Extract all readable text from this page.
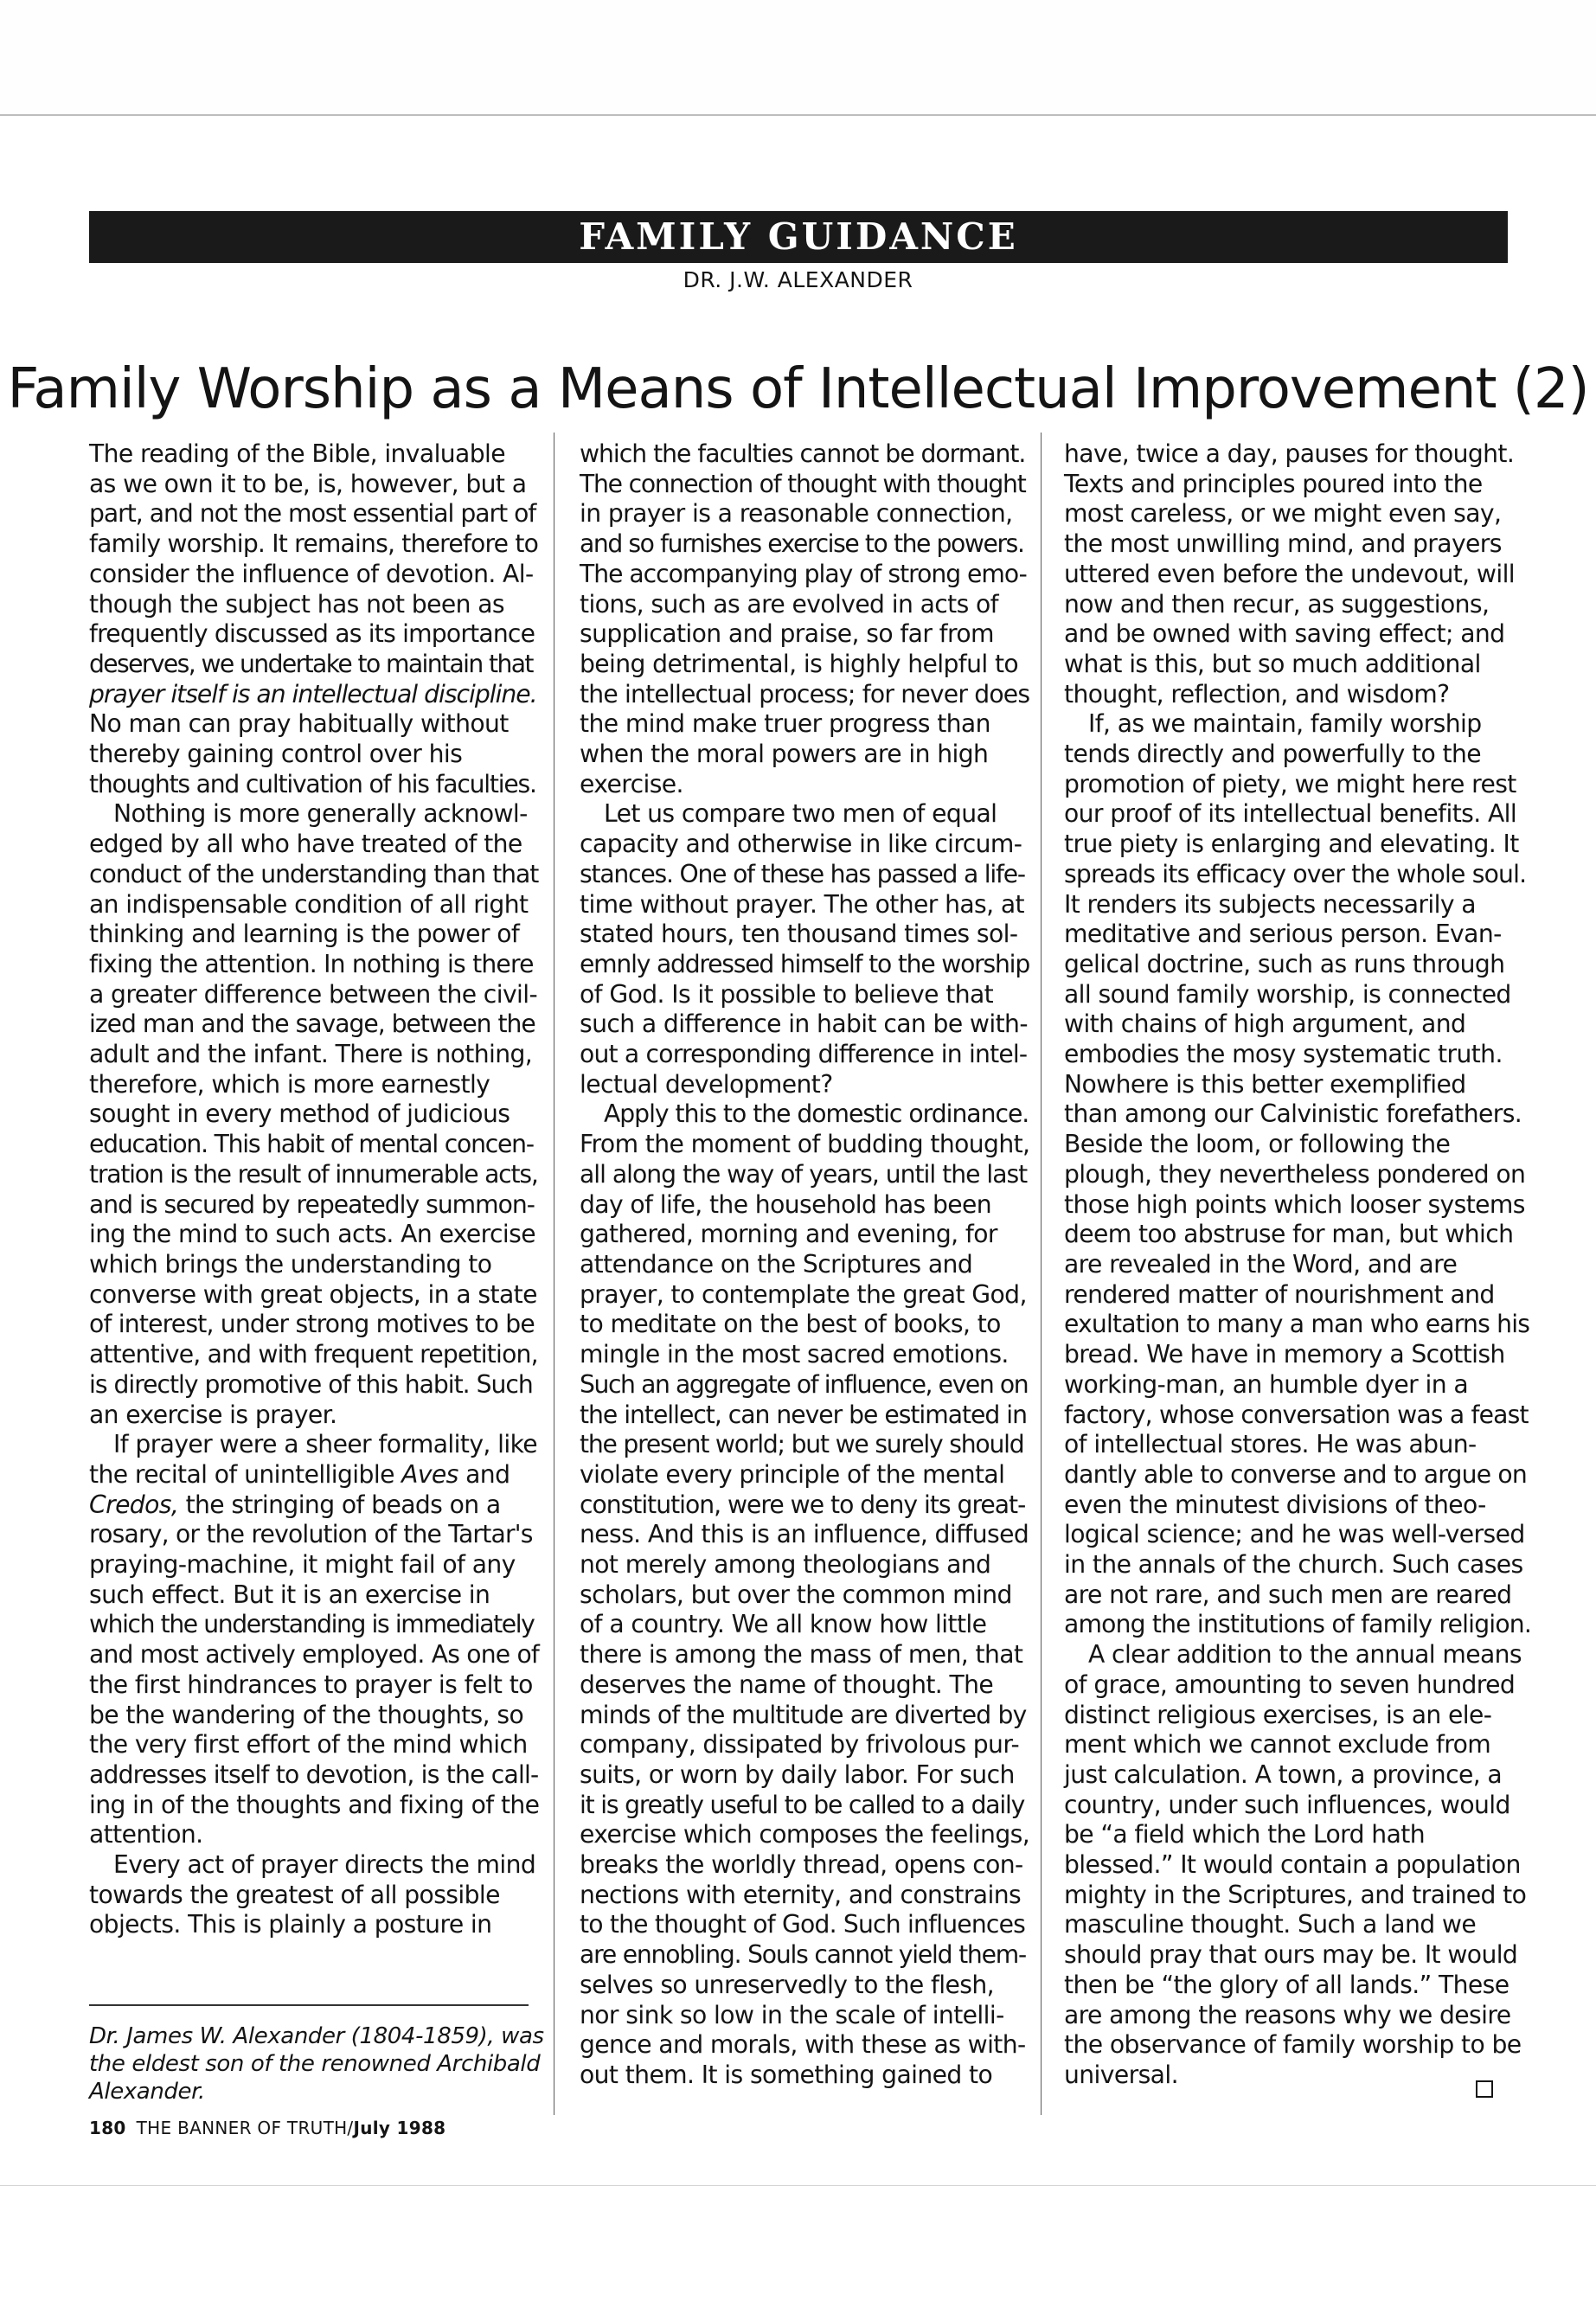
FAMILY GUIDANCE
DR. J.W. ALEXANDER
Family Worship as a Means of Intellectual Improvement (2)
The reading of the Bible, invaluable
as we own it to be, is, however, but a
part, and not the most essential part of
family worship. It remains, therefore to
consider the influence of devotion. Al-
though the subject has not been as
frequently discussed as its importance
deserves, we undertake to maintain that
prayer itself is an intellectual discipline.
No man can pray habitually without
thereby gaining control over his
thoughts and cultivation of his faculties.
Nothing is more generally acknowl-
edged by all who have treated of the
conduct of the understanding than that
an indispensable condition of all right
thinking and learning is the power of
fixing the attention. In nothing is there
a greater difference between the civil-
ized man and the savage, between the
adult and the infant. There is nothing,
therefore, which is more earnestly
sought in every method of judicious
education. This habit of mental concen-
tration is the result of innumerable acts,
and is secured by repeatedly summon-
ing the mind to such acts. An exercise
which brings the understanding to
converse with great objects, in a state
of interest, under strong motives to be
attentive, and with frequent repetition,
is directly promotive of this habit. Such
an exercise is prayer.
If prayer were a sheer formality, like
the recital of unintelligible Aves and
Credos, the stringing of beads on a
rosary, or the revolution of the Tartar's
praying-machine, it might fail of any
such effect. But it is an exercise in
which the understanding is immediately
and most actively employed. As one of
the first hindrances to prayer is felt to
be the wandering of the thoughts, so
the very first effort of the mind which
addresses itself to devotion, is the call-
ing in of the thoughts and fixing of the
attention.
Every act of prayer directs the mind
towards the greatest of all possible
objects. This is plainly a posture in
which the faculties cannot be dormant.
The connection of thought with thought
in prayer is a reasonable connection,
and so furnishes exercise to the powers.
The accompanying play of strong emo-
tions, such as are evolved in acts of
supplication and praise, so far from
being detrimental, is highly helpful to
the intellectual process; for never does
the mind make truer progress than
when the moral powers are in high
exercise.
Let us compare two men of equal
capacity and otherwise in like circum-
stances. One of these has passed a life-
time without prayer. The other has, at
stated hours, ten thousand times sol-
emnly addressed himself to the worship
of God. Is it possible to believe that
such a difference in habit can be with-
out a corresponding difference in intel-
lectual development?
Apply this to the domestic ordinance.
From the moment of budding thought,
all along the way of years, until the last
day of life, the household has been
gathered, morning and evening, for
attendance on the Scriptures and
prayer, to contemplate the great God,
to meditate on the best of books, to
mingle in the most sacred emotions.
Such an aggregate of influence, even on
the intellect, can never be estimated in
the present world; but we surely should
violate every principle of the mental
constitution, were we to deny its great-
ness. And this is an influence, diffused
not merely among theologians and
scholars, but over the common mind
of a country. We all know how little
there is among the mass of men, that
deserves the name of thought. The
minds of the multitude are diverted by
company, dissipated by frivolous pur-
suits, or worn by daily labor. For such
it is greatly useful to be called to a daily
exercise which composes the feelings,
breaks the worldly thread, opens con-
nections with eternity, and constrains
to the thought of God. Such influences
are ennobling. Souls cannot yield them-
selves so unreservedly to the flesh,
nor sink so low in the scale of intelli-
gence and morals, with these as with-
out them. It is something gained to
have, twice a day, pauses for thought.
Texts and principles poured into the
most careless, or we might even say,
the most unwilling mind, and prayers
uttered even before the undevout, will
now and then recur, as suggestions,
and be owned with saving effect; and
what is this, but so much additional
thought, reflection, and wisdom?
If, as we maintain, family worship
tends directly and powerfully to the
promotion of piety, we might here rest
our proof of its intellectual benefits. All
true piety is enlarging and elevating. It
spreads its efficacy over the whole soul.
It renders its subjects necessarily a
meditative and serious person. Evan-
gelical doctrine, such as runs through
all sound family worship, is connected
with chains of high argument, and
embodies the mosy systematic truth.
Nowhere is this better exemplified
than among our Calvinistic forefathers.
Beside the loom, or following the
plough, they nevertheless pondered on
those high points which looser systems
deem too abstruse for man, but which
are revealed in the Word, and are
rendered matter of nourishment and
exultation to many a man who earns his
bread. We have in memory a Scottish
working-man, an humble dyer in a
factory, whose conversation was a feast
of intellectual stores. He was abun-
dantly able to converse and to argue on
even the minutest divisions of theo-
logical science; and he was well-versed
in the annals of the church. Such cases
are not rare, and such men are reared
among the institutions of family religion.
A clear addition to the annual means
of grace, amounting to seven hundred
distinct religious exercises, is an ele-
ment which we cannot exclude from
just calculation. A town, a province, a
country, under such influences, would
be “a field which the Lord hath
blessed.” It would contain a population
mighty in the Scriptures, and trained to
masculine thought. Such a land we
should pray that ours may be. It would
then be “the glory of all lands.” These
are among the reasons why we desire
the observance of family worship to be
universal.
Dr. James W. Alexander (1804-1859), was
the eldest son of the renowned Archibald
Alexander.
180 THE BANNER OF TRUTH/July 1988
